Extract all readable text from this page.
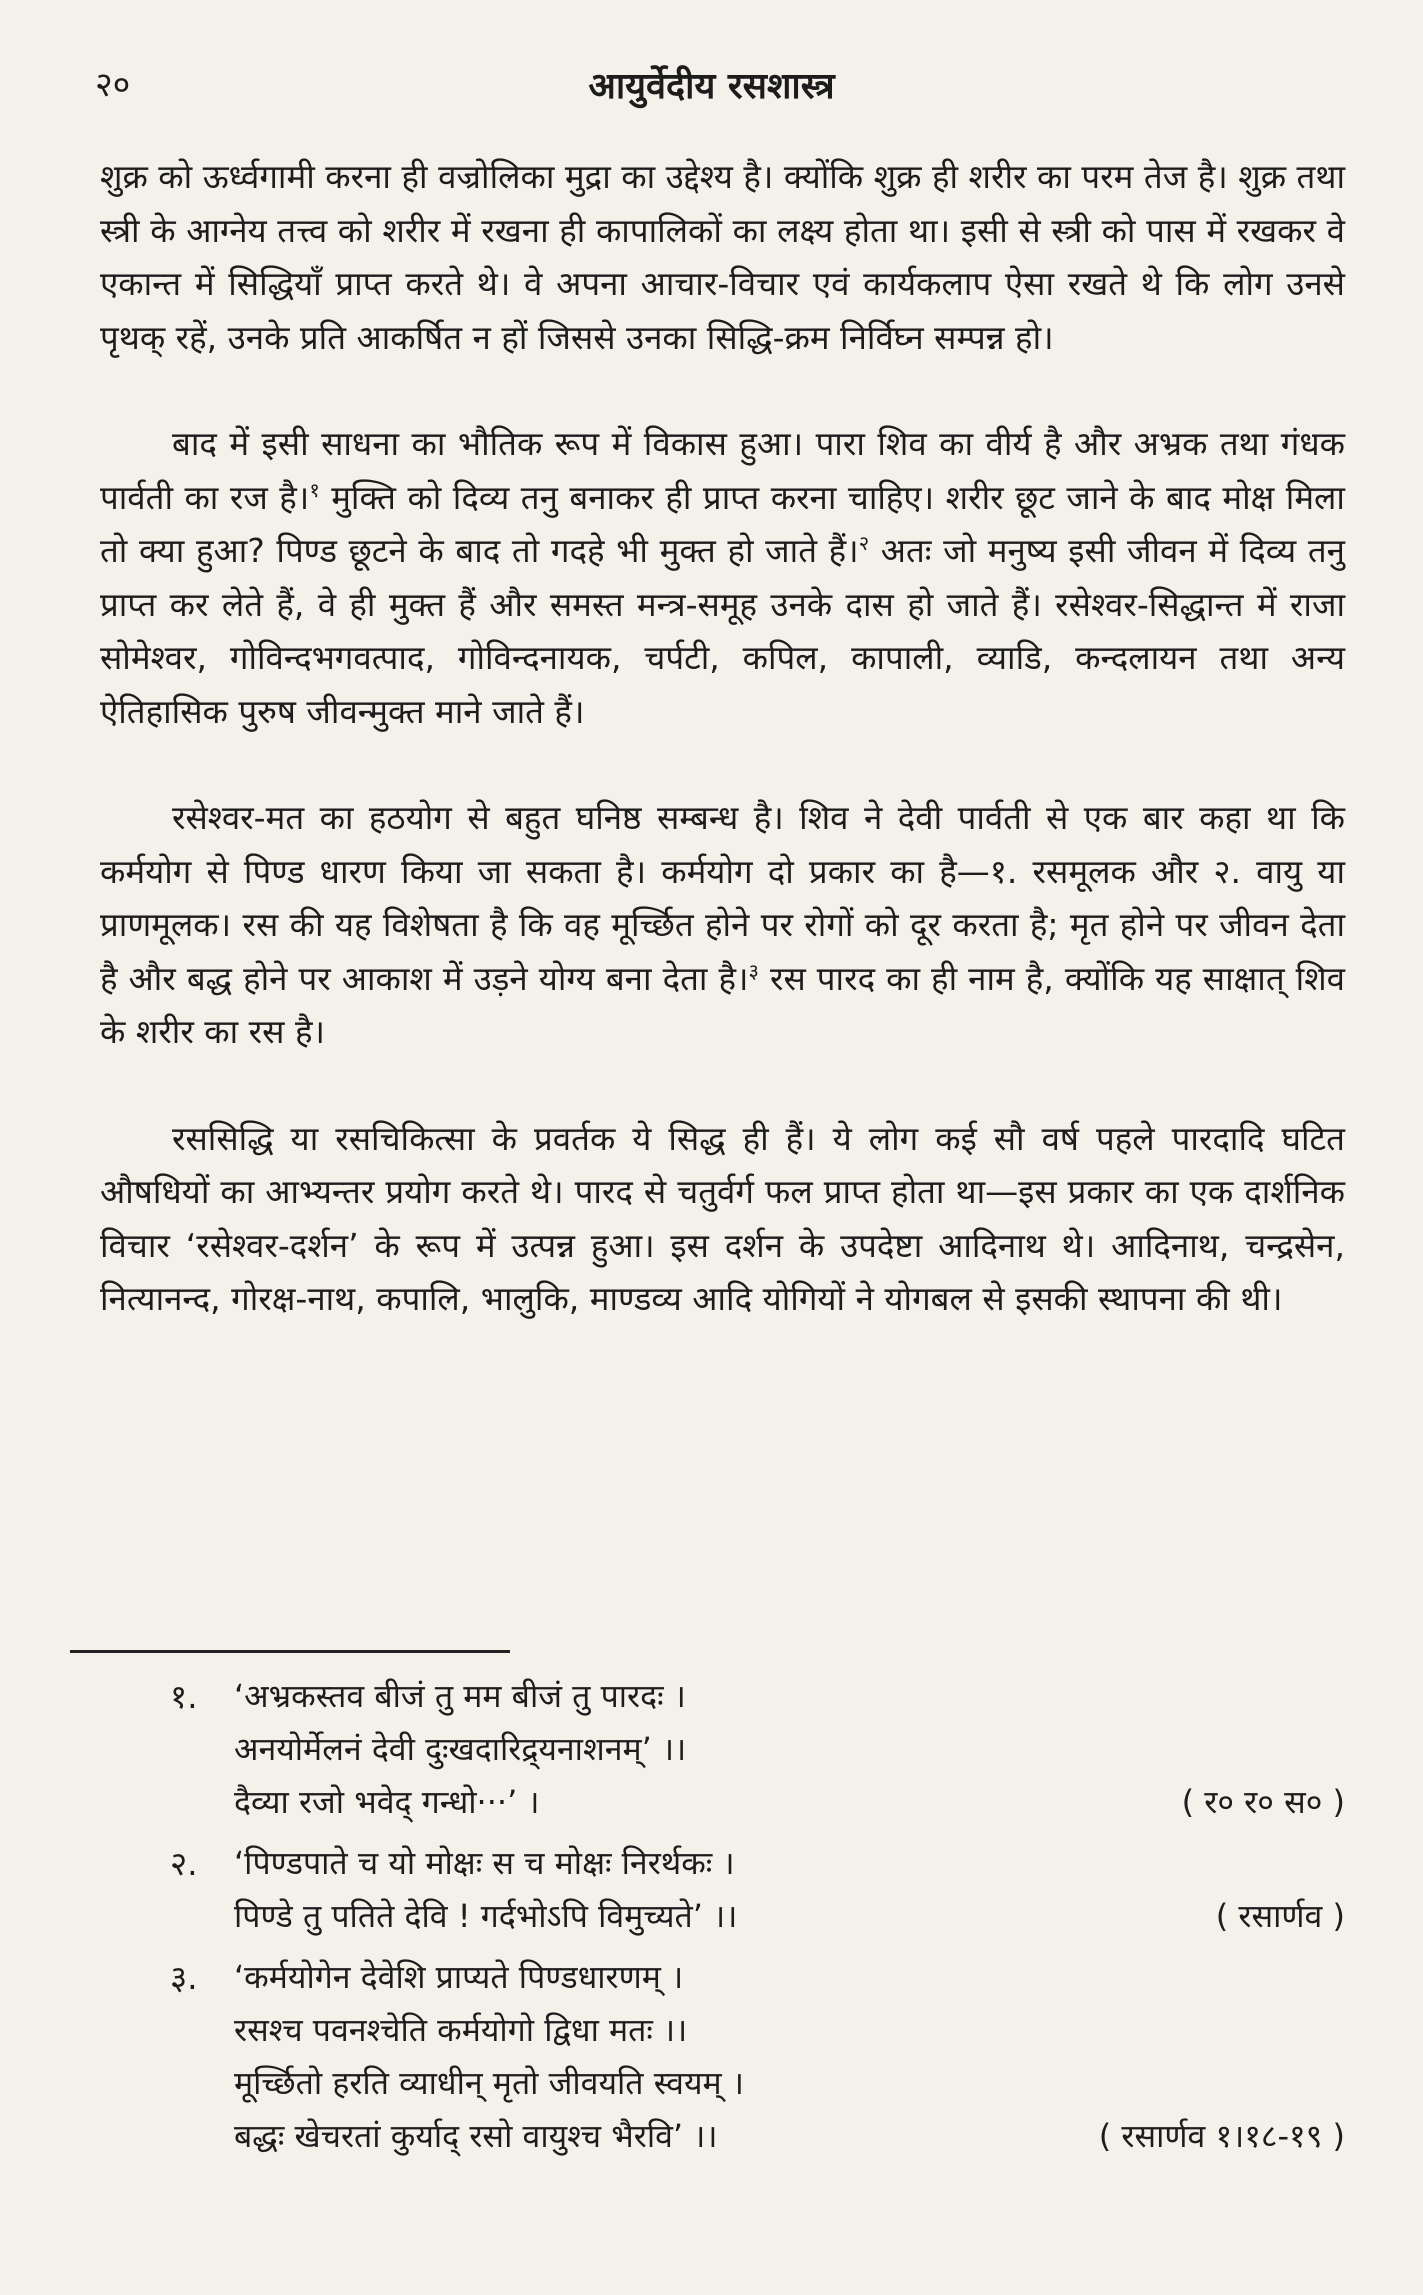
२०	आयुर्वेदीय रसशास्त्र

शुक्र को ऊर्ध्वगामी करना ही वज्रोलिका मुद्रा का उद्देश्य है। क्योंकि शुक्र ही शरीर का परम तेज है। शुक्र तथा स्त्री के आग्नेय तत्त्व को शरीर में रखना ही कापालिकों का लक्ष्य होता था। इसी से स्त्री को पास में रखकर वे एकान्त में सिद्धियाँ प्राप्त करते थे। वे अपना आचार-विचार एवं कार्यकलाप ऐसा रखते थे कि लोग उनसे पृथक् रहें, उनके प्रति आकर्षित न हों जिससे उनका सिद्धि-क्रम निर्विघ्न सम्पन्न हो।

बाद में इसी साधना का भौतिक रूप में विकास हुआ। पारा शिव का वीर्य है और अभ्रक तथा गंधक पार्वती का रज है।$^१$ मुक्ति को दिव्य तनु बनाकर ही प्राप्त करना चाहिए। शरीर छूट जाने के बाद मोक्ष मिला तो क्या हुआ? पिण्ड छूटने के बाद तो गदहे भी मुक्त हो जाते हैं।$^२$ अतः जो मनुष्य इसी जीवन में दिव्य तनु प्राप्त कर लेते हैं, वे ही मुक्त हैं और समस्त मन्त्र-समूह उनके दास हो जाते हैं। रसेश्वर-सिद्धान्त में राजा सोमेश्वर, गोविन्दभगवत्पाद, गोविन्दनायक, चर्पटी, कपिल, कापाली, व्याडि, कन्दलायन तथा अन्य ऐतिहासिक पुरुष जीवन्मुक्त माने जाते हैं।

रसेश्वर-मत का हठयोग से बहुत घनिष्ठ सम्बन्ध है। शिव ने देवी पार्वती से एक बार कहा था कि कर्मयोग से पिण्ड धारण किया जा सकता है। कर्मयोग दो प्रकार का है—१. रसमूलक और २. वायु या प्राणमूलक। रस की यह विशेषता है कि वह मूर्च्छित होने पर रोगों को दूर करता है; मृत होने पर जीवन देता है और बद्ध होने पर आकाश में उड़ने योग्य बना देता है।$^३$ रस पारद का ही नाम है, क्योंकि यह साक्षात् शिव के शरीर का रस है।

रससिद्धि या रसचिकित्सा के प्रवर्तक ये सिद्ध ही हैं। ये लोग कई सौ वर्ष पहले पारदादि घटित औषधियों का आभ्यन्तर प्रयोग करते थे। पारद से चतुर्वर्ग फल प्राप्त होता था—इस प्रकार का एक दार्शनिक विचार ‘रसेश्वर-दर्शन’ के रूप में उत्पन्न हुआ। इस दर्शन के उपदेष्टा आदिनाथ थे। आदिनाथ, चन्द्रसेन, नित्यानन्द, गोरक्ष-नाथ, कपालि, भालुकि, माण्डव्य आदि योगियों ने योगबल से इसकी स्थापना की थी।

१. ‘अभ्रकस्तव बीजं तु मम बीजं तु पारदः ।
अनयोर्मेलनं देवी दुःखदारिद्र्यनाशनम्’ ।।
दैव्या रजो भवेद् गन्धो···’ ।	( र० र० स० )
२. ‘पिण्डपाते च यो मोक्षः स च मोक्षः निरर्थकः ।
पिण्डे तु पतिते देवि ! गर्दभोऽपि विमुच्यते’ ।।	( रसार्णव )
३. ‘कर्मयोगेन देवेशि प्राप्यते पिण्डधारणम् ।
रसश्च पवनश्चेति कर्मयोगो द्विधा मतः ।।
मूर्च्छितो हरति व्याधीन् मृतो जीवयति स्वयम् ।
बद्धः खेचरतां कुर्याद् रसो वायुश्च भैरवि’ ।।	( रसार्णव १।१८-१९ )
